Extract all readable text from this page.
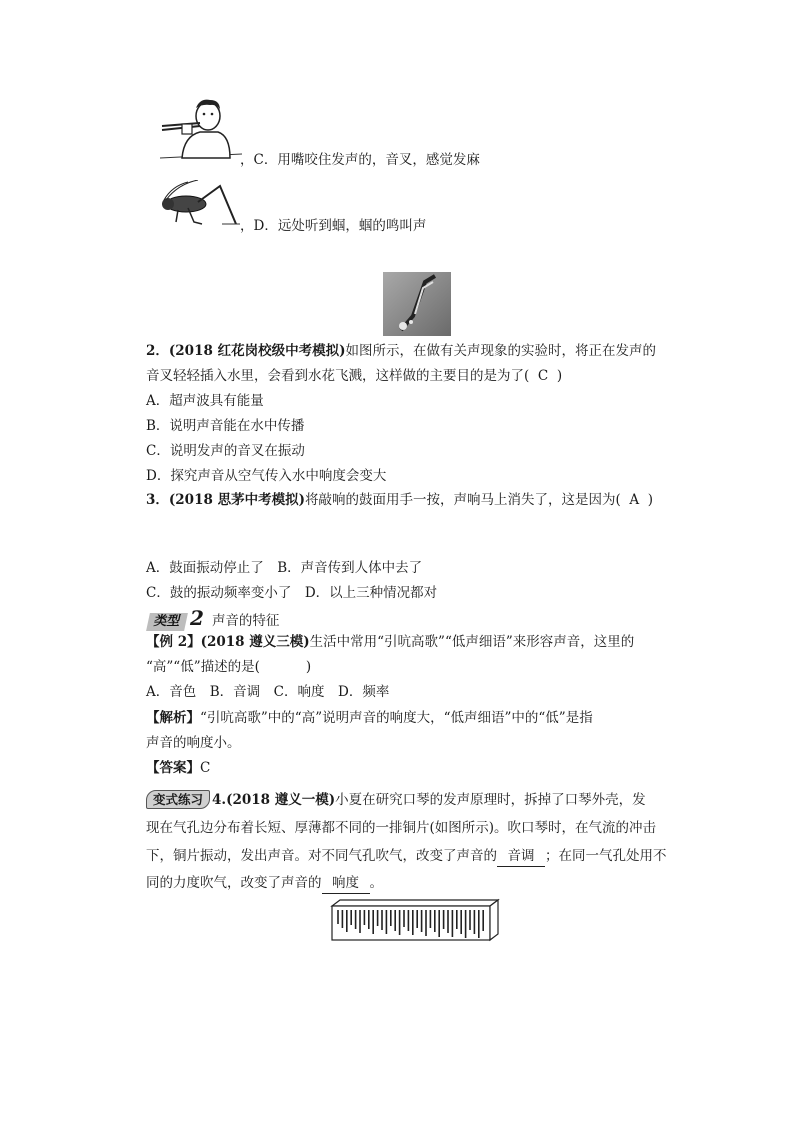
，C．用嘴咬住发声的，音叉，感觉发麻
，D．远处听到蝈，蝈的鸣叫声
2．(2018 红花岗校级中考模拟)如图所示，在做有关声现象的实验时，将正在发声的
音叉轻轻插入水里，会看到水花飞溅，这样做的主要目的是为了( C )
A．超声波具有能量
B．说明声音能在水中传播
C．说明发声的音叉在振动
D．探究声音从空气传入水中响度会变大
3．(2018 思茅中考模拟)将敲响的鼓面用手一按，声响马上消失了，这是因为( A )
A．鼓面振动停止了　B．声音传到人体中去了
C．鼓的振动频率变小了　D．以上三种情况都对
类型 2 声音的特征
【例 2】(2018 遵义三模)生活中常用“引吭高歌”“低声细语”来形容声音，这里的
“高”“低”描述的是(	)
A．音色　B．音调　C．响度　D．频率
【解析】“引吭高歌”中的“高”说明声音的响度大，“低声细语”中的“低”是指
声音的响度小。
【答案】C
变式练习 4.(2018 遵义一模)小夏在研究口琴的发声原理时，拆掉了口琴外壳，发
现在气孔边分布着长短、厚薄都不同的一排铜片(如图所示)。吹口琴时，在气流的冲击
下，铜片振动，发出声音。对不同气孔吹气，改变了声音的 音调 ；在同一气孔处用不
同的力度吹气，改变了声音的 响度 。
